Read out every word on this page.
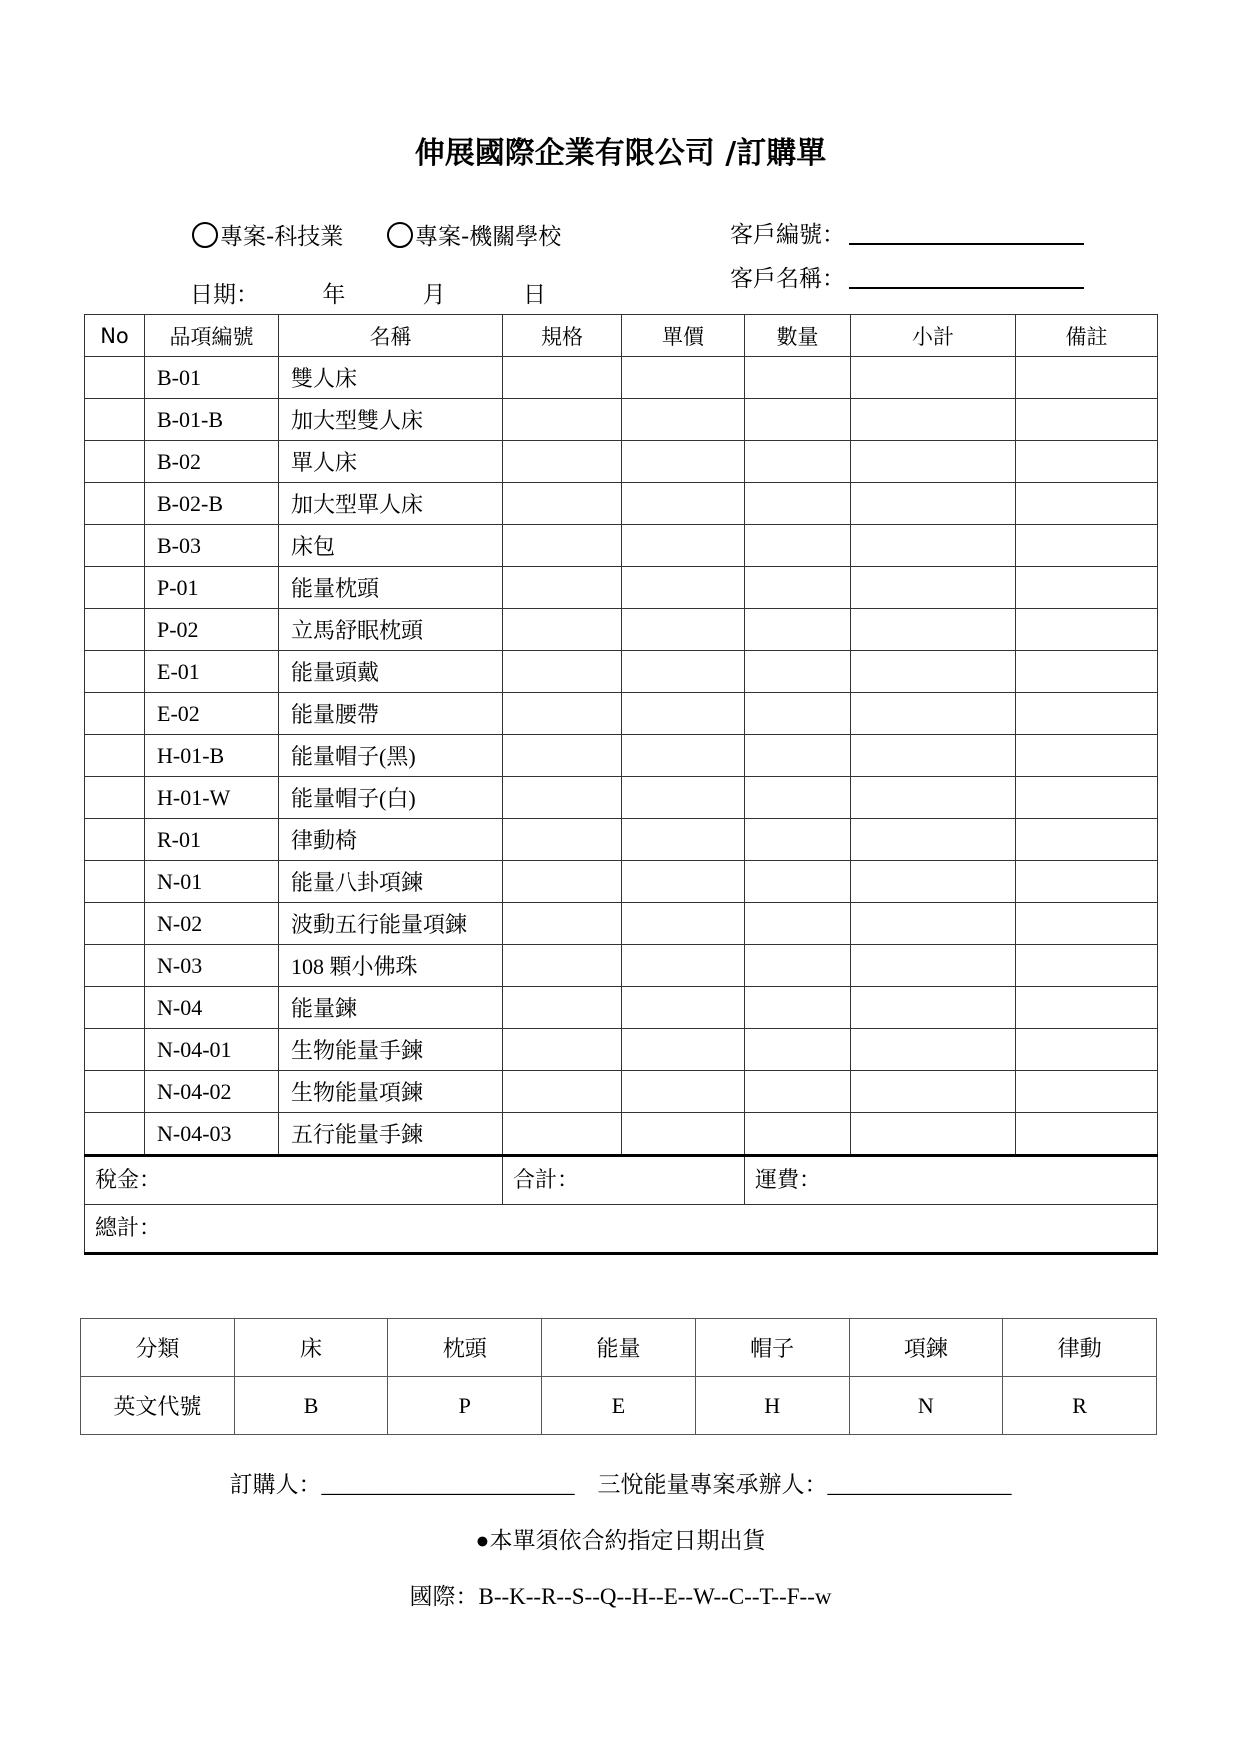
伸展國際企業有限公司 /訂購單
專案-科技業	專案-機關學校	客戶編號：
客戶名稱：
日期：	年	月	日
No	品項編號	名稱	規格	單價	數量	小計	備註
	B-01	雙人床					
	B-01-B	加大型雙人床					
	B-02	單人床					
	B-02-B	加大型單人床					
	B-03	床包					
	P-01	能量枕頭					
	P-02	立馬舒眠枕頭					
	E-01	能量頭戴					
	E-02	能量腰帶					
	H-01-B	能量帽子(黑)					
	H-01-W	能量帽子(白)					
	R-01	律動椅					
	N-01	能量八卦項鍊					
	N-02	波動五行能量項鍊					
	N-03	108 顆小佛珠					
	N-04	能量鍊					
	N-04-01	生物能量手鍊					
	N-04-02	生物能量項鍊					
	N-04-03	五行能量手鍊					
稅金：			合計：		運費：		
總計：							
分類	床	枕頭	能量	帽子	項鍊	律動
英文代號	B	P	E	H	N	R
訂購人：______________________    三悅能量專案承辦人：________________
●本單須依合約指定日期出貨
國際：B--K--R--S--Q--H--E--W--C--T--F--w
